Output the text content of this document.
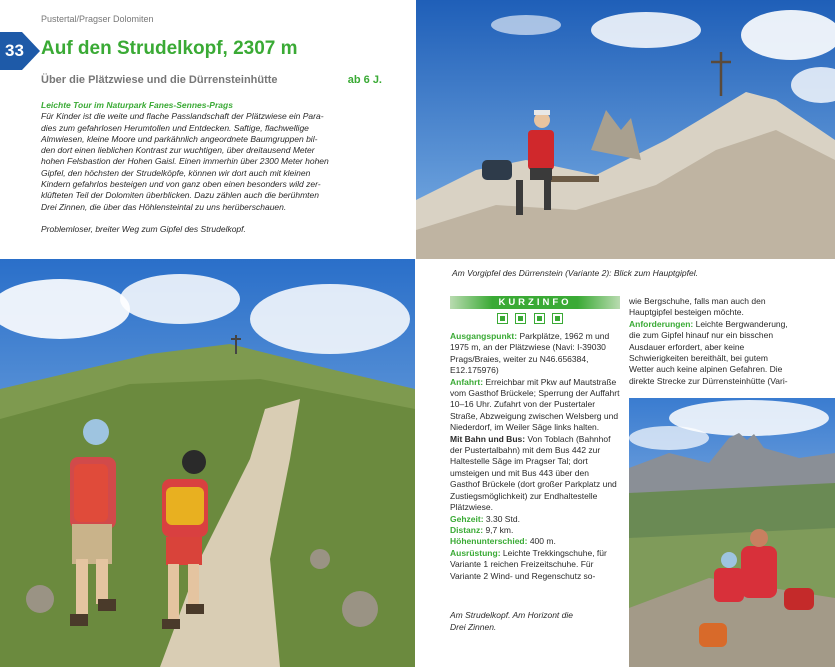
Pustertal/Pragser Dolomiten
33 Auf den Strudelkopf, 2307 m
Über die Plätzwiese und die Dürrensteinhütte	ab 6 J.
Leichte Tour im Naturpark Fanes-Sennes-Prags

Für Kinder ist die weite und flache Passlandschaft der Plätzwiese ein Para-

dies zum gefahrlosen Herumtollen und Entdecken. Saftige, flachwellige

Almwiesen, kleine Moore und parkähnlich angeordnete Baumgruppen bil-

den dort einen lieblichen Kontrast zur wuchtigen, über dreitausend Meter

hohen Felsbastion der Hohen Gaisl. Einen immerhin über 2300 Meter hohen

Gipfel, den höchsten der Strudelköpfe, können wir dort auch mit kleinen

Kindern gefahrlos besteigen und von ganz oben einen besonders wild zer-

klüfteten Teil der Dolomiten überblicken. Dazu zählen auch die berühmten

Drei Zinnen, die über das Höhlensteintal zu uns herüberschauen.

Problemloser, breiter Weg zum Gipfel des Strudelkopf.

Am Vorgipfel des Dürrenstein (Variante 2): Blick zum Hauptgipfel.
KURZINFO

Ausgangspunkt: Parkplätze, 1962 m und 1975 m, an der Plätzwiese (Navi: I-39030 Prags/Braies, weiter zu N46.656384, E12.175976)

Anfahrt: Erreichbar mit Pkw auf Mautstraße vom Gasthof Brückele; Sperrung der Auffahrt 10–16 Uhr. Zufahrt von der Pustertaler Straße, Abzweigung zwischen Welsberg und Niederdorf, im Weiler Säge links halten.

Mit Bahn und Bus: Von Toblach (Bahnhof der Pustertalbahn) mit dem Bus 442 zur Haltestelle Säge im Pragser Tal; dort umsteigen und mit Bus 443 über den Gasthof Brückele (dort großer Parkplatz und Zustiegsmöglichkeit) zur Endhaltestelle Plätzwiese.

Gehzeit: 3.30 Std.

Distanz: 9,7 km.

Höhenunterschied: 400 m.

Ausrüstung: Leichte Trekkingschuhe, für Variante 1 reichen Freizeitschuhe. Für Variante 2 Wind- und Regenschutz so-

wie Bergschuhe, falls man auch den Hauptgipfel besteigen möchte.

Anforderungen: Leichte Bergwanderung, die zum Gipfel hinauf nur ein bisschen Ausdauer erfordert, aber keine Schwierigkeiten bereithält, bei gutem Wetter auch keine alpinen Gefahren. Die direkte Strecke zur Dürrensteinhütte (Vari-

Am Strudelkopf. Am Horizont die
Drei Zinnen.
